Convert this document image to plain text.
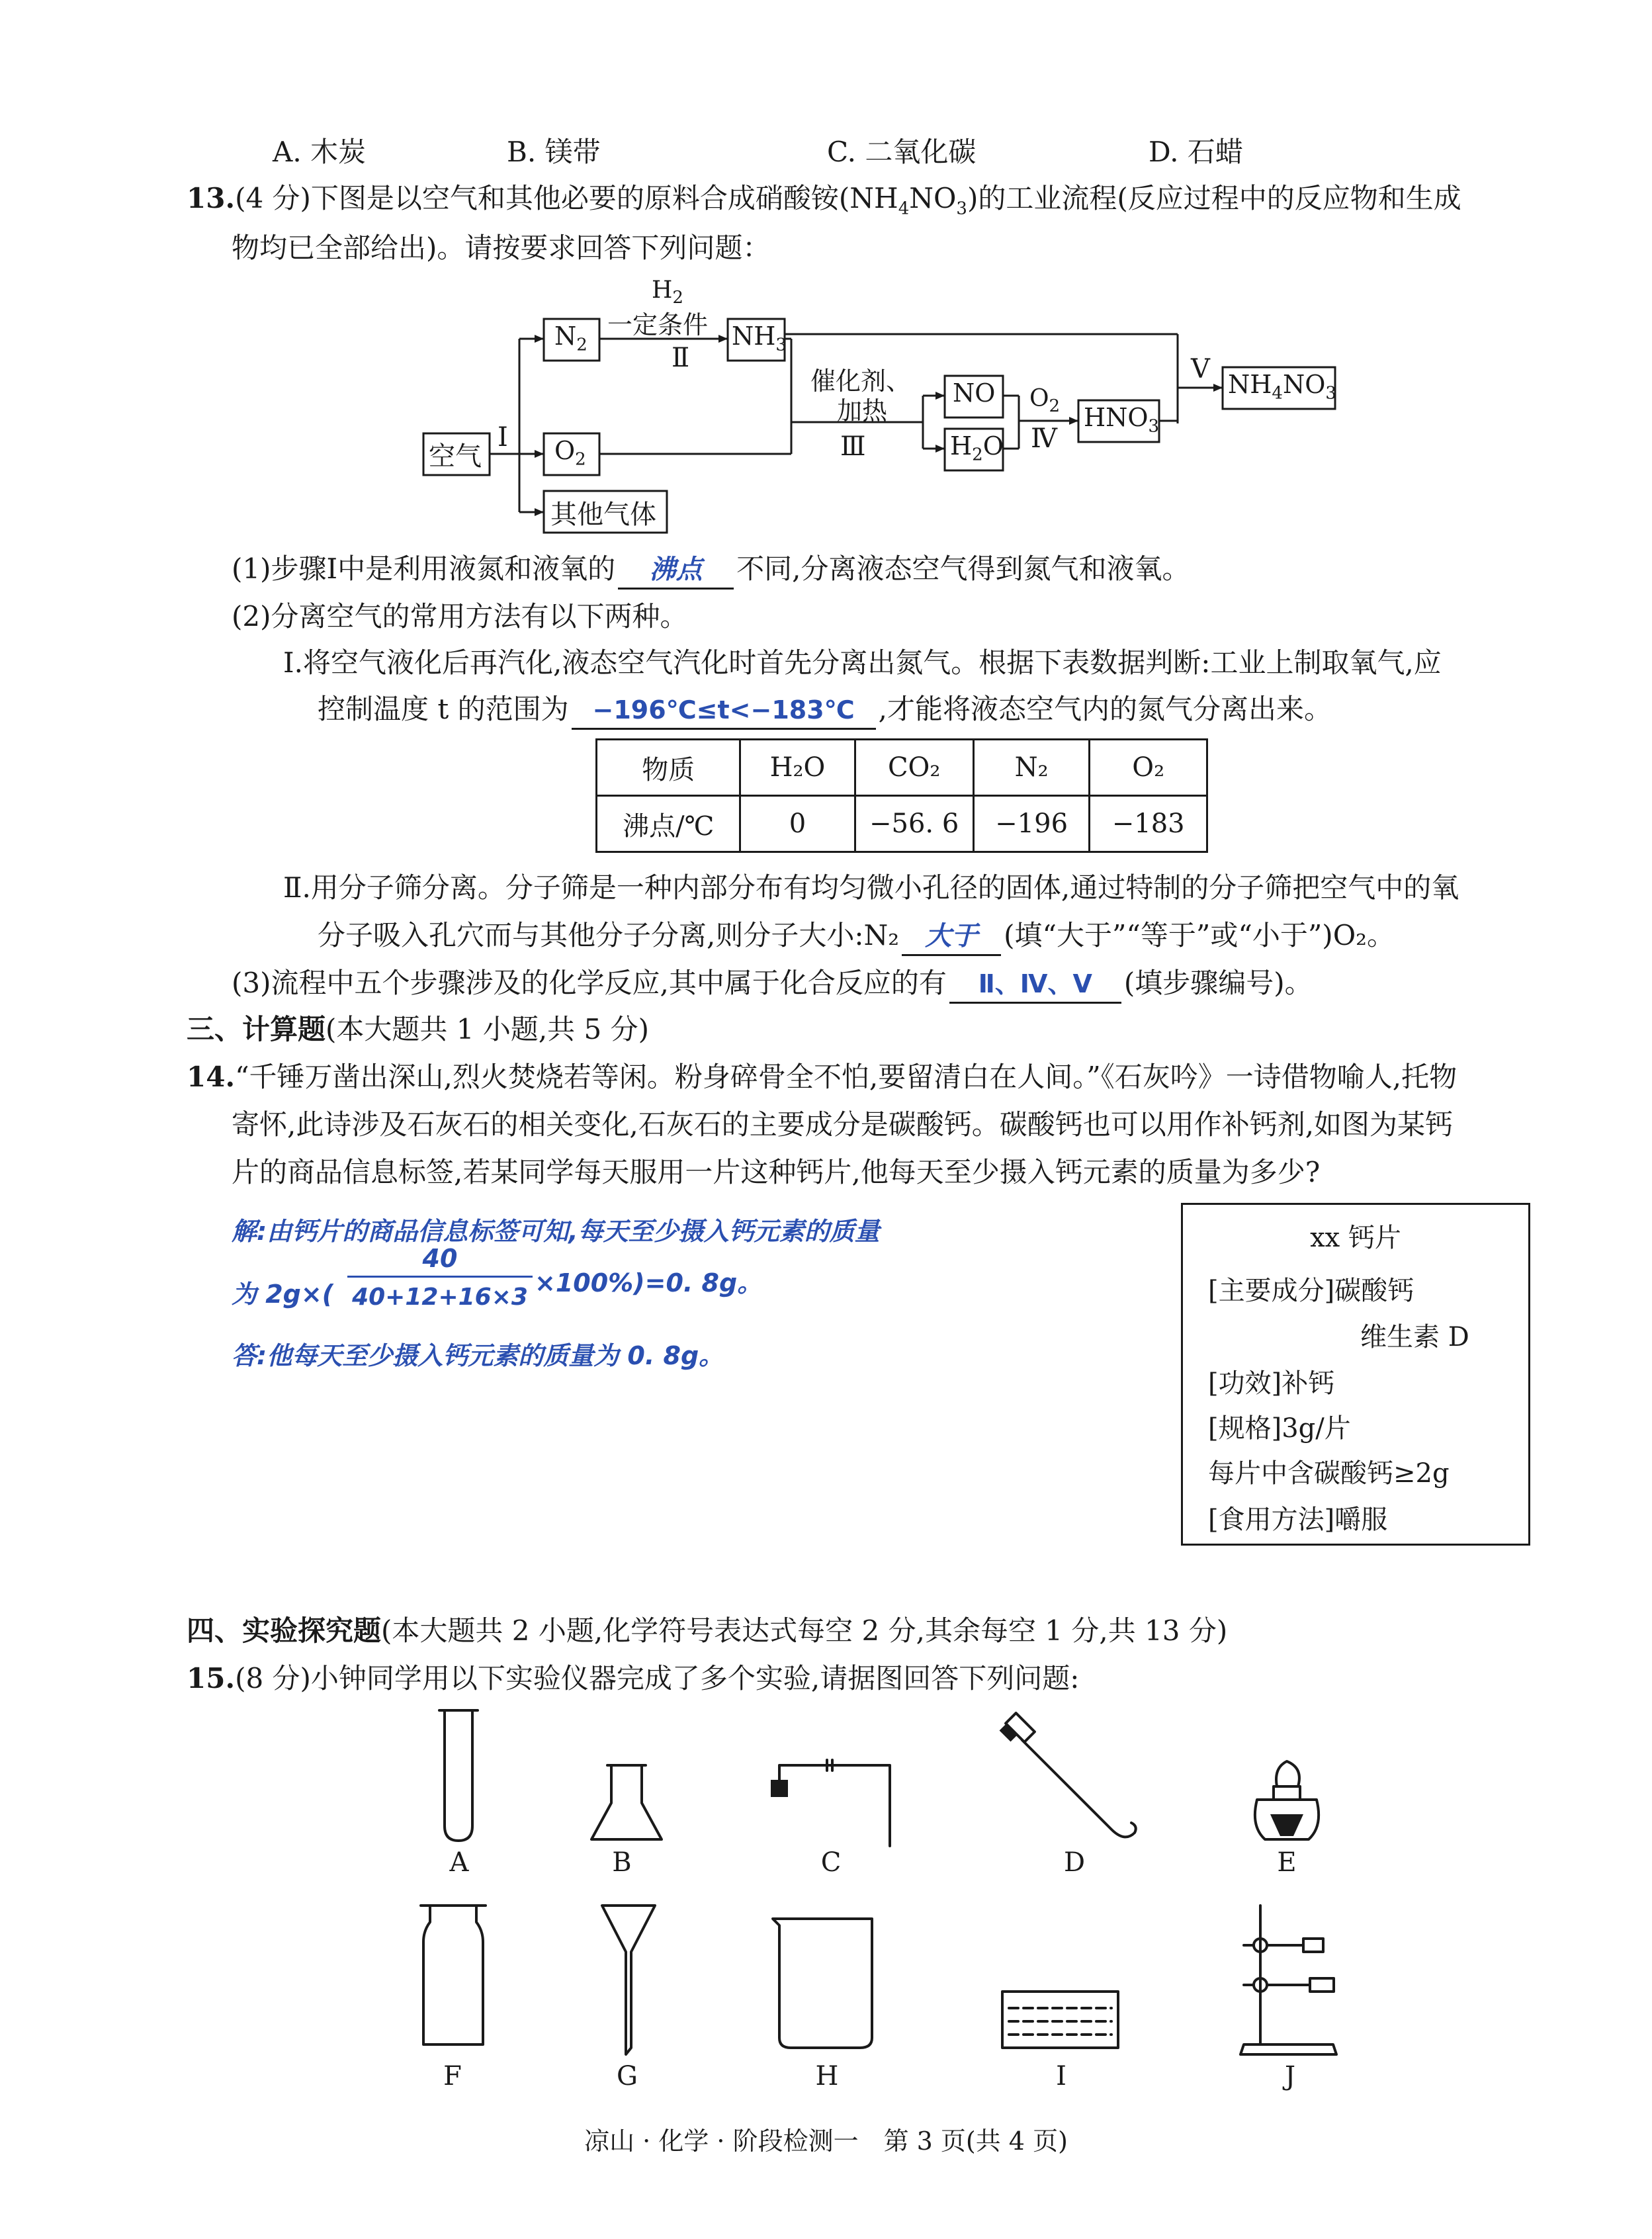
A. 木炭	B. 镁带	C. 二氧化碳	D. 石蜡
13.(4 分)下图是以空气和其他必要的原料合成硝酸铵$(NH_4NO_3)$的工业流程(反应过程中的反应物和生成
物均已全部给出)。请按要求回答下列问题：
空气
I
$N_2$
$O_2$
其他气体
$H_2$
一定条件
Ⅱ
$NH_3$
催化剂、
加热
Ⅲ
NO
$H_2O$
$O_2$
Ⅳ
$HNO_3$
V $NH_4NO_3$
(1)步骤Ⅰ中是利用液氮和液氧的 沸点 不同,分离液态空气得到氮气和液氧。
(2)分离空气的常用方法有以下两种。
Ⅰ.将空气液化后再汽化,液态空气汽化时首先分离出氮气。根据下表数据判断:工业上制取氧气,应
控制温度 t 的范围为 −196℃≤t<−183℃ ,才能将液态空气内的氮气分离出来。
物质	H₂O	CO₂	N₂	O₂
沸点/℃	0	−56. 6	−196	−183
Ⅱ.用分子筛分离。分子筛是一种内部分布有均匀微小孔径的固体,通过特制的分子筛把空气中的氧
分子吸入孔穴而与其他分子分离,则分子大小:N₂ 大于 (填“大于”“等于”或“小于”)O₂。
(3)流程中五个步骤涉及的化学反应,其中属于化合反应的有 Ⅱ、Ⅳ、Ⅴ (填步骤编号)。
三、计算题(本大题共 1 小题,共 5 分)
14.“千锤万凿出深山,烈火焚烧若等闲。粉身碎骨全不怕,要留清白在人间。”《石灰吟》一诗借物喻人,托物
寄怀,此诗涉及石灰石的相关变化,石灰石的主要成分是碳酸钙。碳酸钙也可以用作补钙剂,如图为某钙
片的商品信息标签,若某同学每天服用一片这种钙片,他每天至少摄入钙元素的质量为多少?
解:由钙片的商品信息标签可知,每天至少摄入钙元素的质量
为 2g×(
40
40+12+16×3 ×100%)=0. 8g。
答:他每天至少摄入钙元素的质量为 0. 8g。
xx 钙片
[主要成分]碳酸钙
维生素 D
[功效]补钙
[规格]3g/片
每片中含碳酸钙≥2g
[食用方法]嚼服
四、实验探究题(本大题共 2 小题,化学符号表达式每空 2 分,其余每空 1 分,共 13 分)
15.(8 分)小钟同学用以下实验仪器完成了多个实验,请据图回答下列问题:
A	B	C	D	E
F	G	H	I	J
凉山 · 化学 · 阶段检测一　第 3 页(共 4 页)
